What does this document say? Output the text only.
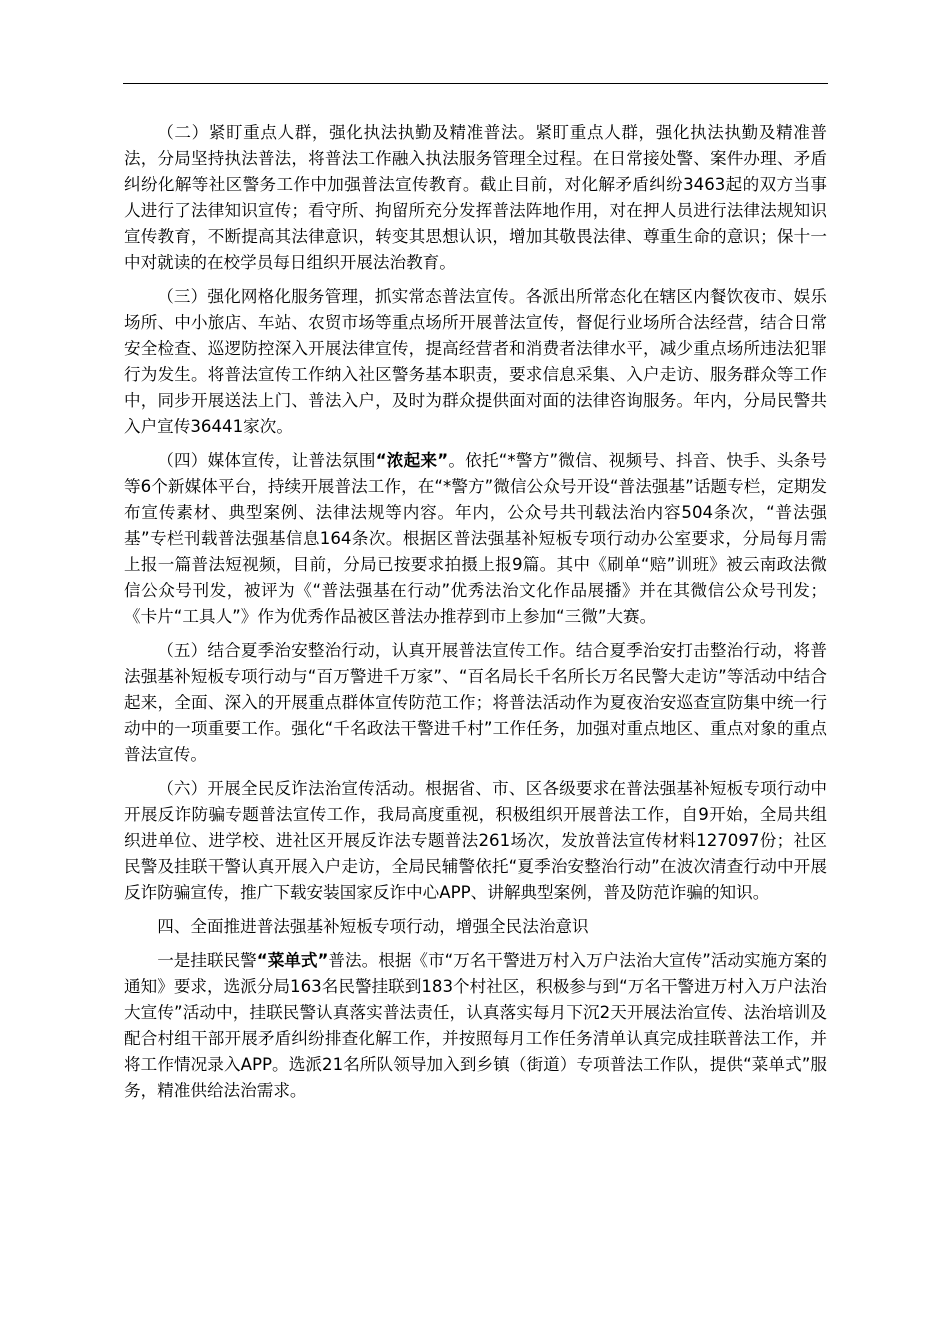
（二）紧盯重点人群，强化执法执勤及精准普法。紧盯重点人群，强化执法执勤及精准普法，分局坚持执法普法，将普法工作融入执法服务管理全过程。在日常接处警、案件办理、矛盾纠纷化解等社区警务工作中加强普法宣传教育。截止目前，对化解矛盾纠纷3463起的双方当事人进行了法律知识宣传；看守所、拘留所充分发挥普法阵地作用，对在押人员进行法律法规知识宣传教育，不断提高其法律意识，转变其思想认识，增加其敬畏法律、尊重生命的意识；保十一中对就读的在校学员每日组织开展法治教育。

（三）强化网格化服务管理，抓实常态普法宣传。各派出所常态化在辖区内餐饮夜市、娱乐场所、中小旅店、车站、农贸市场等重点场所开展普法宣传，督促行业场所合法经营，结合日常安全检查、巡逻防控深入开展法律宣传，提高经营者和消费者法律水平，减少重点场所违法犯罪行为发生。将普法宣传工作纳入社区警务基本职责，要求信息采集、入户走访、服务群众等工作中，同步开展送法上门、普法入户，及时为群众提供面对面的法律咨询服务。年内，分局民警共入户宣传36441家次。

（四）媒体宣传，让普法氛围“浓起来”。依托“*警方”微信、视频号、抖音、快手、头条号等6个新媒体平台，持续开展普法工作，在“*警方”微信公众号开设“普法强基”话题专栏，定期发布宣传素材、典型案例、法律法规等内容。年内，公众号共刊载法治内容504条次，“普法强基”专栏刊载普法强基信息164条次。根据区普法强基补短板专项行动办公室要求，分局每月需上报一篇普法短视频，目前，分局已按要求拍摄上报9篇。其中《刷单“赔”训班》被云南政法微信公众号刊发，被评为《“普法强基在行动”优秀法治文化作品展播》并在其微信公众号刊发；《卡片“工具人”》作为优秀作品被区普法办推荐到市上参加“三微”大赛。

（五）结合夏季治安整治行动，认真开展普法宣传工作。结合夏季治安打击整治行动，将普法强基补短板专项行动与“百万警进千万家”、“百名局长千名所长万名民警大走访”等活动中结合起来，全面、深入的开展重点群体宣传防范工作；将普法活动作为夏夜治安巡查宣防集中统一行动中的一项重要工作。强化“千名政法干警进千村”工作任务，加强对重点地区、重点对象的重点普法宣传。

（六）开展全民反诈法治宣传活动。根据省、市、区各级要求在普法强基补短板专项行动中开展反诈防骗专题普法宣传工作，我局高度重视，积极组织开展普法工作，自9开始，全局共组织进单位、进学校、进社区开展反诈法专题普法261场次，发放普法宣传材料127097份；社区民警及挂联干警认真开展入户走访，全局民辅警依托“夏季治安整治行动”在波次清查行动中开展反诈防骗宣传，推广下载安装国家反诈中心APP、讲解典型案例，普及防范诈骗的知识。

四、全面推进普法强基补短板专项行动，增强全民法治意识

一是挂联民警“菜单式”普法。根据《市“万名干警进万村入万户法治大宣传”活动实施方案的通知》要求，选派分局163名民警挂联到183个村社区，积极参与到“万名干警进万村入万户法治大宣传”活动中，挂联民警认真落实普法责任，认真落实每月下沉2天开展法治宣传、法治培训及配合村组干部开展矛盾纠纷排查化解工作，并按照每月工作任务清单认真完成挂联普法工作，并将工作情况录入APP。选派21名所队领导加入到乡镇（街道）专项普法工作队，提供“菜单式”服务，精准供给法治需求。
